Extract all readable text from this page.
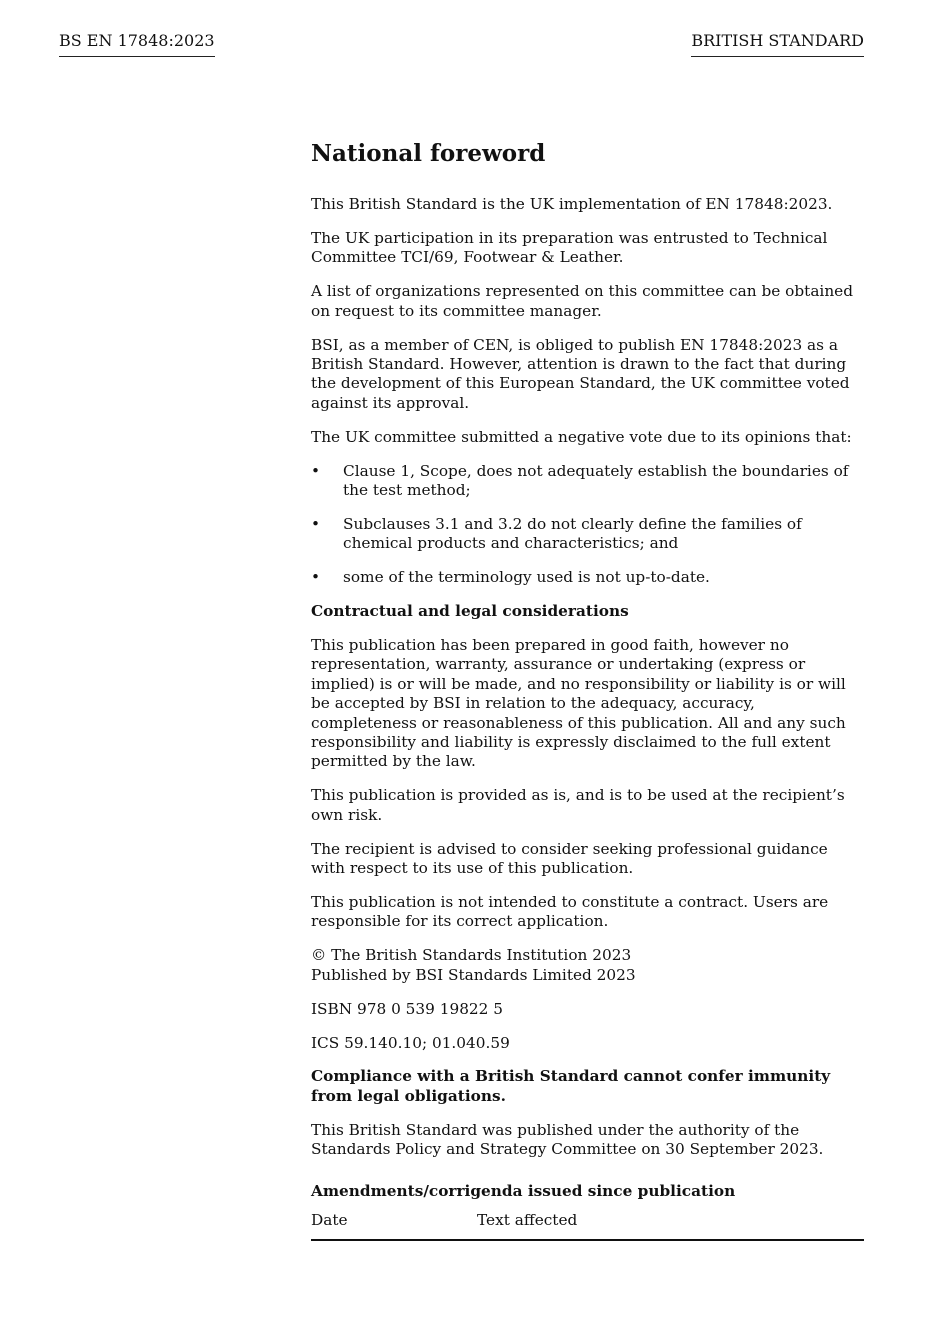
BS EN 17848:2023	BRITISH STANDARD
National foreword

This British Standard is the UK implementation of EN 17848:2023.

The UK participation in its preparation was entrusted to Technical Committee TCI/69, Footwear & Leather.

A list of organizations represented on this committee can be obtained on request to its committee manager.

BSI, as a member of CEN, is obliged to publish EN 17848:2023 as a British Standard. However, attention is drawn to the fact that during the development of this European Standard, the UK committee voted against its approval.

The UK committee submitted a negative vote due to its opinions that:

• Clause 1, Scope, does not adequately establish the boundaries of the test method;
• Subclauses 3.1 and 3.2 do not clearly define the families of chemical products and characteristics; and
• some of the terminology used is not up-to-date.

Contractual and legal considerations

This publication has been prepared in good faith, however no representation, warranty, assurance or undertaking (express or implied) is or will be made, and no responsibility or liability is or will be accepted by BSI in relation to the adequacy, accuracy, completeness or reasonableness of this publication. All and any such responsibility and liability is expressly disclaimed to the full extent permitted by the law.

This publication is provided as is, and is to be used at the recipient’s own risk.

The recipient is advised to consider seeking professional guidance with respect to its use of this publication.

This publication is not intended to constitute a contract. Users are responsible for its correct application.

© The British Standards Institution 2023
Published by BSI Standards Limited 2023

ISBN 978 0 539 19822 5

ICS 59.140.10; 01.040.59

Compliance with a British Standard cannot confer immunity from legal obligations.

This British Standard was published under the authority of the Standards Policy and Strategy Committee on 30 September 2023.

Amendments/corrigenda issued since publication
Date	Text affected
